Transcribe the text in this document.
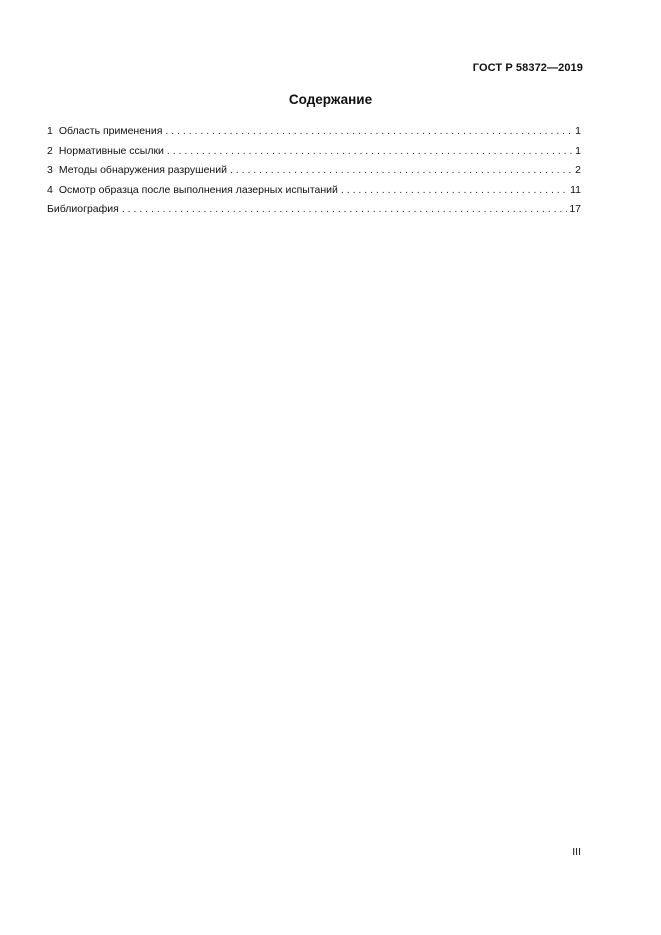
ГОСТ Р 58372—2019
Содержание
1 Область применения . . .	1
2 Нормативные ссылки . . .	1
3 Методы обнаружения разрушений . . .	2
4 Осмотр образца после выполнения лазерных испытаний . . .	11
Библиография . . .	17
III
